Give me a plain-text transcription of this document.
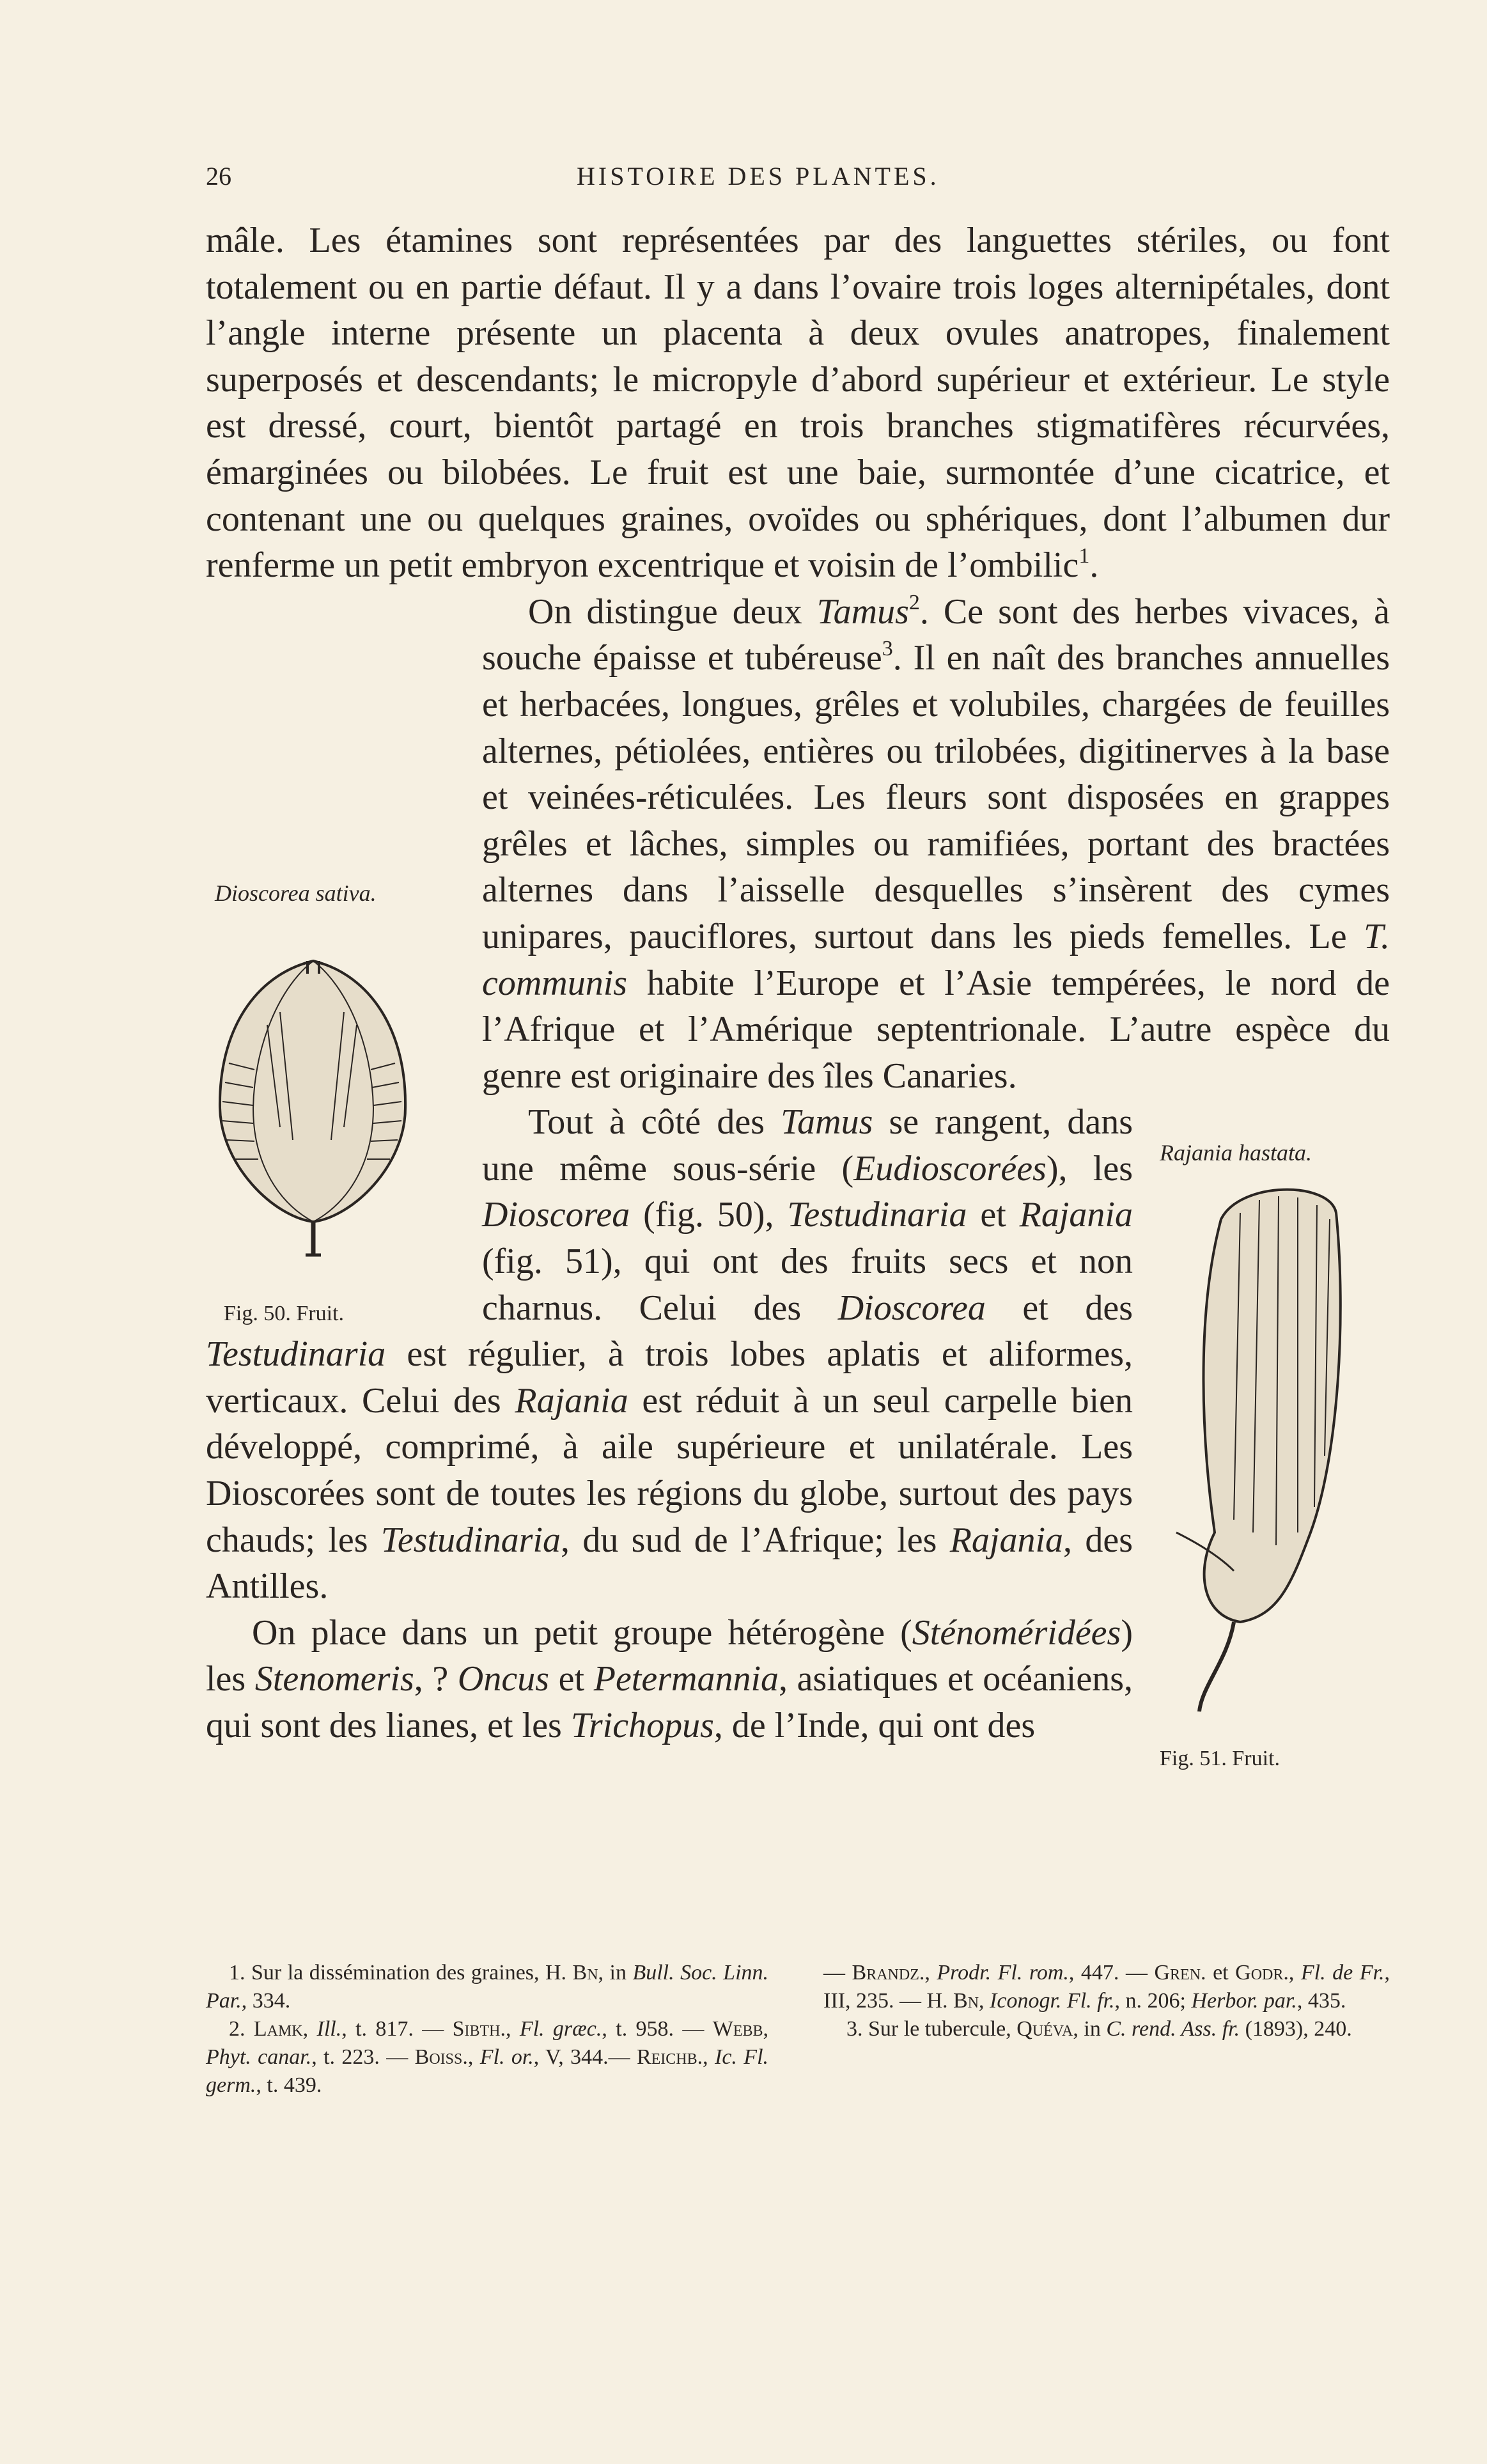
26	HISTOIRE DES PLANTES.

mâle. Les étamines sont représentées par des languettes stériles, ou font totalement ou en partie défaut. Il y a dans l’ovaire trois loges alternipétales, dont l’angle interne présente un placenta à deux ovules anatropes, finalement superposés et descendants; le micropyle d’abord supérieur et extérieur. Le style est dressé, court, bientôt partagé en trois branches stigmatifères récurvées, émarginées ou bilobées. Le fruit est une baie, surmontée d’une cicatrice, et contenant une ou quelques graines, ovoïdes ou sphériques, dont l’albumen dur renferme un petit embryon excentrique et voisin de l’ombilic$^1$.

Dioscorea sativa.
Fig. 50. Fruit.

On distingue deux Tamus$^2$. Ce sont des herbes vivaces, à souche épaisse et tubéreuse$^3$. Il en naît des branches annuelles et herbacées, longues, grêles et volubiles, chargées de feuilles alternes, pétiolées, entières ou trilobées, digitinerves à la base et veinées-réticulées. Les fleurs sont disposées en grappes grêles et lâches, simples ou ramifiées, portant des bractées alternes dans l’aisselle desquelles s’insèrent des cymes unipares, pauciflores, surtout dans les pieds femelles. Le T. communis habite l’Europe et l’Asie tempérées, le nord de l’Afrique et l’Amérique septentrionale. L’autre espèce du genre est originaire des îles Canaries.

Rajania hastata.
Fig. 51. Fruit.

Tout à côté des Tamus se rangent, dans une même sous-série (Eudioscorées), les Dioscorea (fig. 50), Testudinaria et Rajania (fig. 51), qui ont des fruits secs et non charnus. Celui des Dioscorea et des Testudinaria est régulier, à trois lobes aplatis et aliformes, verticaux. Celui des Rajania est réduit à un seul carpelle bien développé, comprimé, à aile supérieure et unilatérale. Les Dioscorées sont de toutes les régions du globe, surtout des pays chauds; les Testudinaria, du sud de l’Afrique; les Rajania, des Antilles.

On place dans un petit groupe hétérogène (Sténoméridées) les Stenomeris, ? Oncus et Petermannia, asiatiques et océaniens, qui sont des lianes, et les Trichopus, de l’Inde, qui ont des

1. Sur la dissémination des graines, H. Bn, in Bull. Soc. Linn. Par., 334.

2. Lamk, Ill., t. 817. — Sibth., Fl. græc., t. 958. — Webb, Phyt. canar., t. 223. — Boiss., Fl. or., V, 344.— Reichb., Ic. Fl. germ., t. 439.

— Brandz., Prodr. Fl. rom., 447. — Gren. et Godr., Fl. de Fr., III, 235. — H. Bn, Iconogr. Fl. fr., n. 206; Herbor. par., 435.

3. Sur le tubercule, Quéva, in C. rend. Ass. fr. (1893), 240.
